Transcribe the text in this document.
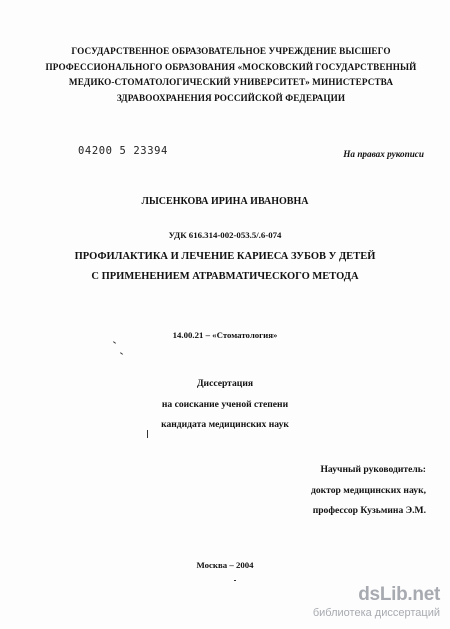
ГОСУДАРСТВЕННОЕ ОБРАЗОВАТЕЛЬНОЕ УЧРЕЖДЕНИЕ ВЫСШЕГО
ПРОФЕССИОНАЛЬНОГО ОБРАЗОВАНИЯ «МОСКОВСКИЙ ГОСУДАРСТВЕННЫЙ
МЕДИКО-СТОМАТОЛОГИЧЕСКИЙ УНИВЕРСИТЕТ» МИНИСТЕРСТВА
ЗДРАВООХРАНЕНИЯ РОССИЙСКОЙ ФЕДЕРАЦИИ
04200 5 23394	На правах рукописи
ЛЫСЕНКОВА ИРИНА ИВАНОВНА
УДК 616.314-002-053.5/.6-074
ПРОФИЛАКТИКА И ЛЕЧЕНИЕ КАРИЕСА ЗУБОВ У ДЕТЕЙ
С ПРИМЕНЕНИЕМ АТРАВМАТИЧЕСКОГО МЕТОДА
14.00.21 – «Стоматология»
Диссертация
на соискание ученой степени
кандидата медицинских наук
Научный руководитель:
доктор медицинских наук,
профессор Кузьмина Э.М.
Москва – 2004
dsLib.net
библиотека диссертаций
